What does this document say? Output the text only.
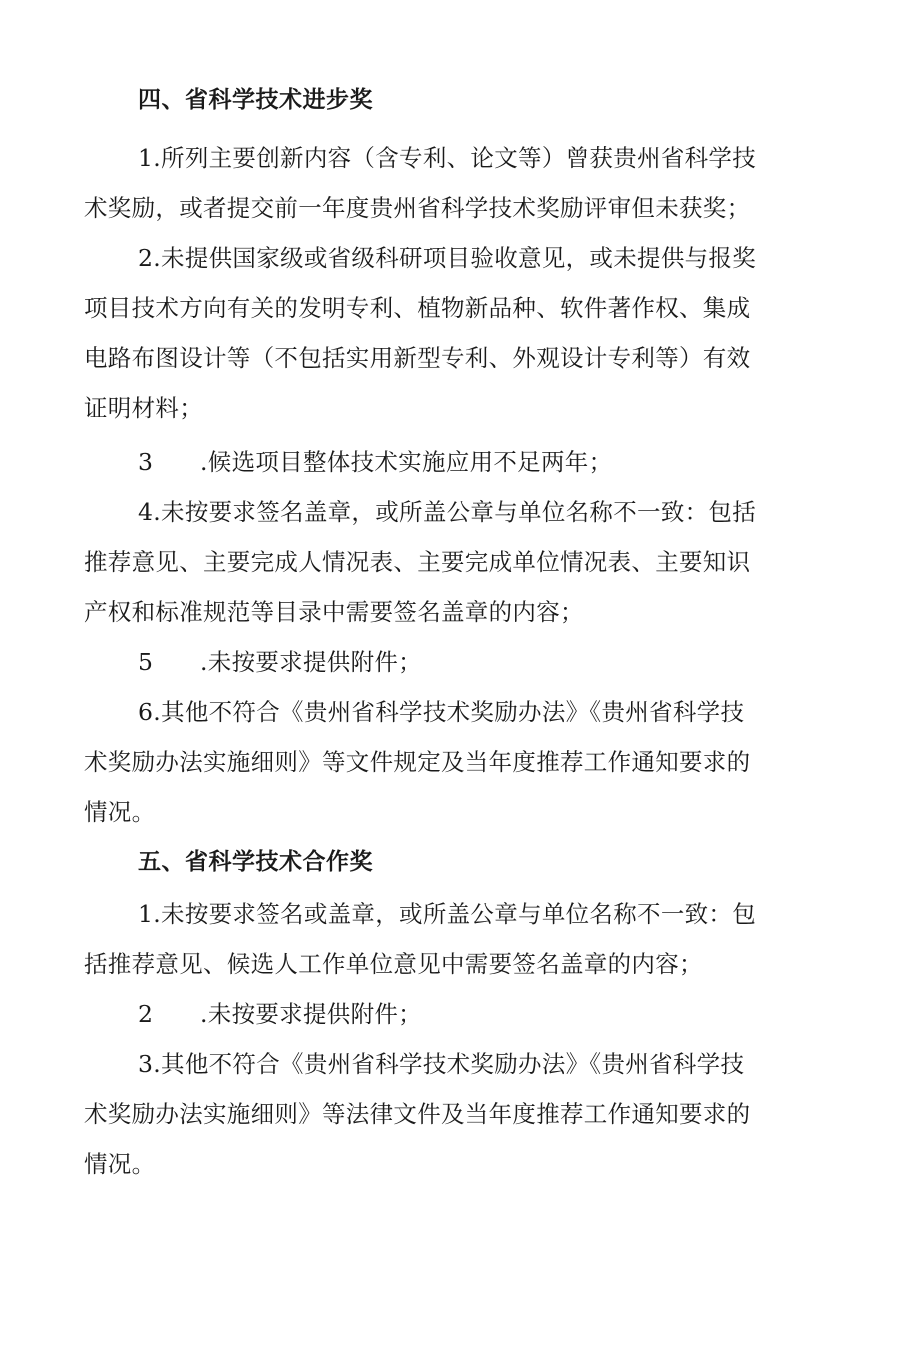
四、省科学技术进步奖
1.所列主要创新内容（含专利、论文等）曾获贵州省科学技
术奖励，或者提交前一年度贵州省科学技术奖励评审但未获奖；
2.未提供国家级或省级科研项目验收意见，或未提供与报奖
项目技术方向有关的发明专利、植物新品种、软件著作权、集成
电路布图设计等（不包括实用新型专利、外观设计专利等）有效
证明材料；
3 .候选项目整体技术实施应用不足两年；
4.未按要求签名盖章，或所盖公章与单位名称不一致：包括
推荐意见、主要完成人情况表、主要完成单位情况表、主要知识
产权和标准规范等目录中需要签名盖章的内容；
5 .未按要求提供附件；
6.其他不符合《贵州省科学技术奖励办法》《贵州省科学技
术奖励办法实施细则》等文件规定及当年度推荐工作通知要求的
情况。
五、省科学技术合作奖
1.未按要求签名或盖章，或所盖公章与单位名称不一致：包
括推荐意见、候选人工作单位意见中需要签名盖章的内容；
2 .未按要求提供附件；
3.其他不符合《贵州省科学技术奖励办法》《贵州省科学技
术奖励办法实施细则》等法律文件及当年度推荐工作通知要求的
情况。
